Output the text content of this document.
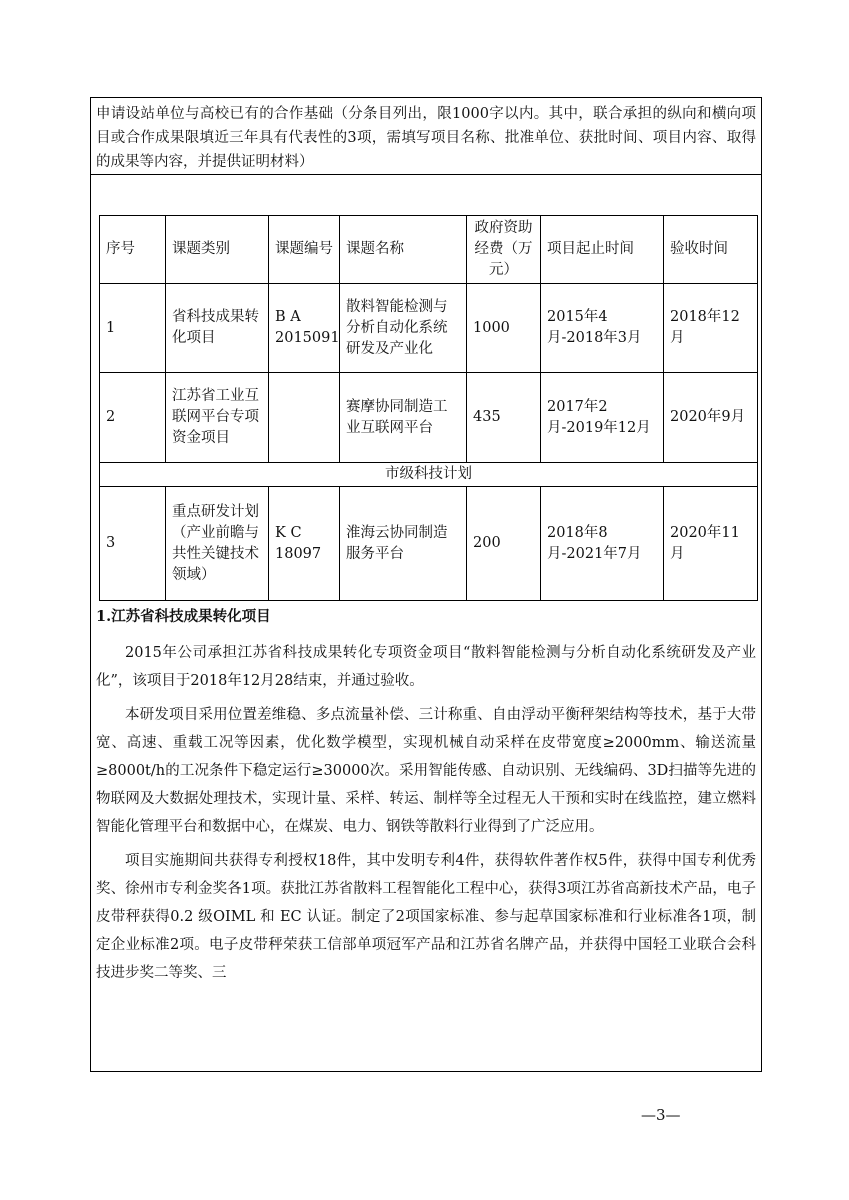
申请设站单位与高校已有的合作基础（分条目列出，限1000字以内。其中，联合承担的纵向和横向项目或合作成果限填近三年具有代表性的3项，需填写项目名称、批准单位、获批时间、项目内容、取得的成果等内容，并提供证明材料）
序号	课题类别	课题编号	课题名称	政府资助经费（万元）	项目起止时间	验收时间
1	省科技成果转化项目	B A 2015091	散料智能检测与分析自动化系统研发及产业化	1000	2015年4月-2018年3月	2018年12月
2	江苏省工业互联网平台专项资金项目		赛摩协同制造工业互联网平台	435	2017年2月-2019年12月	2020年9月
市级科技计划						
3	重点研发计划（产业前瞻与共性关键技术领域）	K C 18097	淮海云协同制造服务平台	200	2018年8月-2021年7月	2020年11月
1.江苏省科技成果转化项目

2015年公司承担江苏省科技成果转化专项资金项目“散料智能检测与分析自动化系统研发及产业化”，该项目于2018年12月28结束，并通过验收。

本研发项目采用位置差维稳、多点流量补偿、三计称重、自由浮动平衡秤架结构等技术，基于大带宽、高速、重载工况等因素，优化数学模型，实现机械自动采样在皮带宽度≥2000mm、输送流量≥8000t/h的工况条件下稳定运行≥30000次。采用智能传感、自动识别、无线编码、3D扫描等先进的物联网及大数据处理技术，实现计量、采样、转运、制样等全过程无人干预和实时在线监控，建立燃料智能化管理平台和数据中心，在煤炭、电力、钢铁等散料行业得到了广泛应用。

项目实施期间共获得专利授权18件，其中发明专利4件，获得软件著作权5件，获得中国专利优秀奖、徐州市专利金奖各1项。获批江苏省散料工程智能化工程中心，获得3项江苏省高新技术产品，电子皮带秤获得0.2 级OIML 和 EC 认证。制定了2项国家标准、参与起草国家标准和行业标准各1项，制定企业标准2项。电子皮带秤荣获工信部单项冠军产品和江苏省名牌产品，并获得中国轻工业联合会科技进步奖二等奖、三

—3—
